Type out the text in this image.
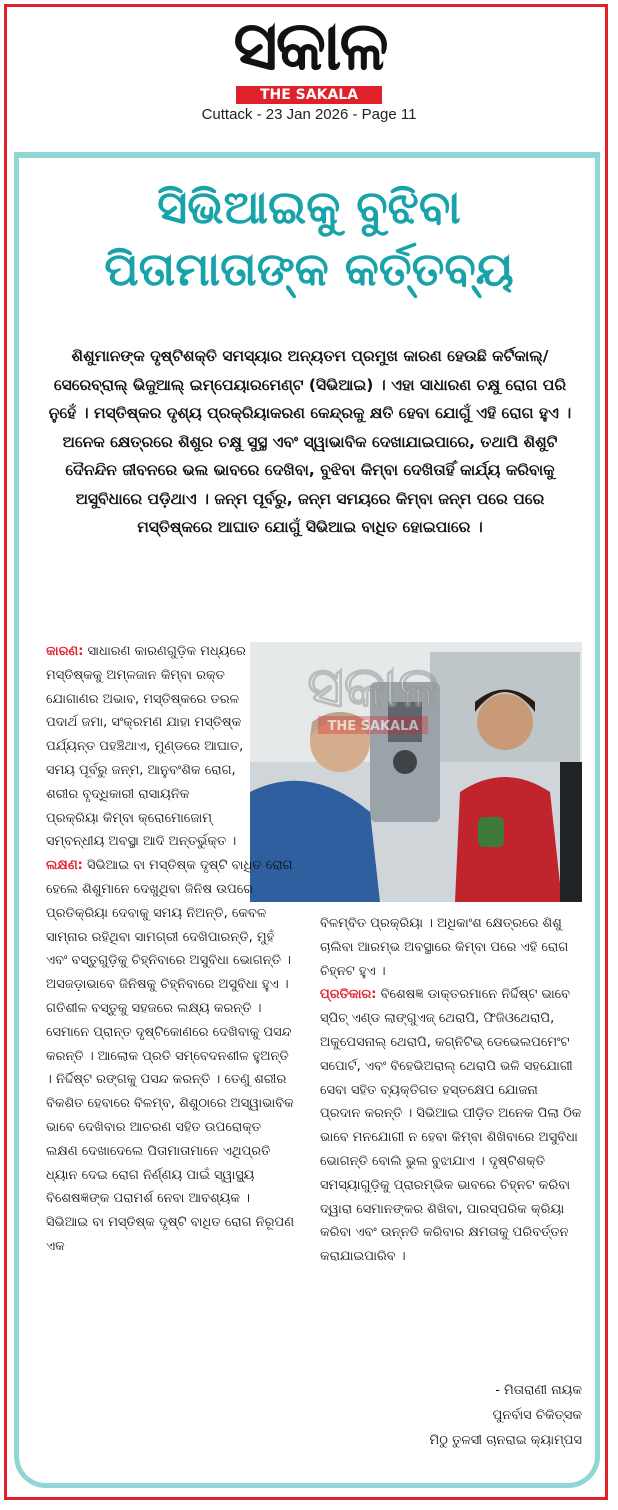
ସକାଳ
THE SAKALA
Cuttack - 23 Jan 2026 - Page 11
ସିଭିଆଇକୁ ବୁଝିବା
ପିତାମାତାଙ୍କ କର୍ତ୍ତବ୍ୟ
ଶିଶୁମାନଙ୍କ ଦୃଷ୍ଟିଶକ୍ତି ସମସ୍ୟାର ଅନ୍ୟତମ ପ୍ରମୁଖ କାରଣ ହେଉଛି କର୍ଟିକାଲ୍/ସେରେବ୍ରାଲ୍ ଭିଜୁଆଲ୍ ଇମ୍ପେୟାରମେଣ୍ଟ (ସିଭିଆଇ) । ଏହା ସାଧାରଣ ଚକ୍ଷୁ ରୋଗ ପରି ନୁହେଁ । ମସ୍ତିଷ୍କର ଦୃଶ୍ୟ ପ୍ରକ୍ରିୟାକରଣ କେନ୍ଦ୍ରକୁ କ୍ଷତି ହେବା ଯୋଗୁଁ ଏହି ରୋଗ ହୁଏ । ଅନେକ କ୍ଷେତ୍ରରେ ଶିଶୁର ଚକ୍ଷୁ ସୁସ୍ଥ ଏବଂ ସ୍ୱାଭାବିକ ଦେଖାଯାଇପାରେ, ତଥାପି ଶିଶୁଟି ଦୈନନ୍ଦିନ ଜୀବନରେ ଭଲ ଭାବରେ ଦେଖିବା, ବୁଝିବା କିମ୍ବା ଦେଖିତାହିଁ କାର୍ଯ୍ୟ କରିବାକୁ ଅସୁବିଧାରେ ପଡ଼ିଥାଏ । ଜନ୍ମ ପୂର୍ବରୁ, ଜନ୍ମ ସମୟରେ କିମ୍ବା ଜନ୍ମ ପରେ ପରେ ମସ୍ତିଷ୍କରେ ଆଘାତ ଯୋଗୁଁ ସିଭିଆଇ ବାଧିତ ହୋଇପାରେ ।
ସକାଳ
THE SAKALA
କାରଣ: ସାଧାରଣ କାରଣଗୁଡ଼ିକ ମଧ୍ୟରେ ମସ୍ତିଷ୍କକୁ ଅମ୍ଳଜାନ କିମ୍ବା ରକ୍ତ ଯୋଗାଣର ଅଭାବ, ମସ୍ତିଷ୍କରେ ତରଳ ପଦାର୍ଥ ଜମା, ସଂକ୍ରମଣ ଯାହା ମସ୍ତିଷ୍କ ପର୍ଯ୍ୟନ୍ତ ପହଞ୍ଚିଥାଏ, ମୁଣ୍ଡରେ ଆଘାତ, ସମୟ ପୂର୍ବରୁ ଜନ୍ମ, ଆନୁବଂଶିକ ରୋଗ, ଶରୀର ବୃଦ୍ଧିକାରୀ ରାସାୟନିକ ପ୍ରକ୍ରିୟା କିମ୍ବା କ୍ରୋମୋଜୋମ୍ ସମ୍ବନ୍ଧୀୟ ଅବସ୍ଥା ଆଦି ଅନ୍ତର୍ଭୁକ୍ତ ।
ଲକ୍ଷଣ: ସିଭିଆଇ ବା ମସ୍ତିଷ୍କ ଦୃଷ୍ଟି ବାଧିତ ରୋଗ ହେଲେ ଶିଶୁମାନେ ଦେଖୁଥିବା ଜିନିଷ ଉପରେ ପ୍ରତିକ୍ରିୟା ଦେବାକୁ ସମୟ ନିଅନ୍ତି, କେବଳ ସାମ୍ନାର ରହିଥିବା ସାମଗ୍ରୀ ଦେଖିପାରନ୍ତି, ମୁହଁ ଏବଂ ବସ୍ତୁଗୁଡ଼ିକୁ ଚିହ୍ନିବାରେ ଅସୁବିଧା ଭୋଗନ୍ତି । ଅସଜଡ଼ାଭାବେ ଜିନିଷକୁ ଚିହ୍ନିବାରେ ଅସୁବିଧା ହୁଏ । ଗତିଶୀଳ ବସ୍ତୁକୁ ସହଜରେ ଲକ୍ଷ୍ୟ କରନ୍ତି । ସେମାନେ ପ୍ରାନ୍ତ ଦୃଷ୍ଟିକୋଣରେ ଦେଖିବାକୁ ପସନ୍ଦ କରନ୍ତି । ଆଲୋକ ପ୍ରତି ସମ୍ବେଦନଶୀଳ ହୁଅନ୍ତି । ନିର୍ଦ୍ଦିଷ୍ଟ ରଙ୍ଗକୁ ପସନ୍ଦ କରନ୍ତି । ତେଣୁ ଶରୀର ବିକଶିତ ହେବାରେ ବିଳମ୍ବ, ଶିଶୁଠାରେ ଅସ୍ୱାଭାବିକ ଭାବେ ଦେଖିବାର ଆଚରଣ ସହିତ ଉପରୋକ୍ତ ଲକ୍ଷଣ ଦେଖାଦେଲେ ପିତାମାତାମାନେ ଏଥିପ୍ରତି ଧ୍ୟାନ ଦେଇ ରୋଗ ନିର୍ଣ୍ଣୟ ପାଇଁ ସ୍ୱାସ୍ଥ୍ୟ ବିଶେଷଜ୍ଞଙ୍କ ପରାମର୍ଶ ନେବା ଆବଶ୍ୟକ । ସିଭିଆଇ ବା ମସ୍ତିଷ୍କ ଦୃଷ୍ଟି ବାଧିତ ରୋଗ ନିରୂପଣ ଏକ
ବିଳମ୍ବିତ ପ୍ରକ୍ରିୟା । ଅଧିକାଂଶ କ୍ଷେତ୍ରରେ ଶିଶୁ ଚାଲିବା ଆରମ୍ଭ ଅବସ୍ଥାରେ କିମ୍ବା ପରେ ଏହି ରୋଗ ଚିହ୍ନଟ ହୁଏ ।
ପ୍ରତିକାର: ବିଶେଷଜ୍ଞ ଡାକ୍ତରମାନେ ନିର୍ଦ୍ଦିଷ୍ଟ ଭାବେ ସ୍ପିଚ୍ ଏଣ୍ଡ ଲାଙ୍ଗୁଏଜ୍ ଥେରାପି, ଫିଜିଓଥେରାପି, ଅକୁପେସନାଲ୍ ଥେରାପି, କଗ୍ନିଟିଭ୍ ଡେଭେଲପମେଂଟ ସପୋର୍ଟ, ଏବଂ ବିହେଭିଅରାଲ୍ ଥେରାପି ଭଳି ସହଯୋଗୀ ସେବା ସହିତ ବ୍ୟକ୍ତିଗତ ହସ୍ତକ୍ଷେପ ଯୋଜନା ପ୍ରଦାନ କରନ୍ତି । ସିଭିଆଇ ପୀଡ଼ିତ ଅନେକ ପିଲା ଠିକ ଭାବେ ମନଯୋଗୀ ନ ହେବା କିମ୍ବା ଶିଖିବାରେ ଅସୁବିଧା ଭୋଗନ୍ତି ବୋଲି ଭୁଲ ବୁଝାଯାଏ । ଦୃଷ୍ଟିଶକ୍ତି ସମସ୍ୟାଗୁଡ଼ିକୁ ପ୍ରାରମ୍ଭିକ ଭାବରେ ଚିହ୍ନଟ କରିବା ଦ୍ୱାରା ସେମାନଙ୍କର ଶିଖିବା, ପାରସ୍ପରିକ କ୍ରିୟା କରିବା ଏବଂ ଉନ୍ନତି କରିବାର କ୍ଷମତାକୁ ପରିବର୍ତ୍ତନ କରାଯାଇପାରିବ ।
- ମିତାରାଣୀ ନାୟକ
ପୁନର୍ବାସ ଚିକିତ୍ସକ
ମିଠୁ ତୁଳସୀ ଚାନରାଇ କ୍ୟାମ୍ପସ
